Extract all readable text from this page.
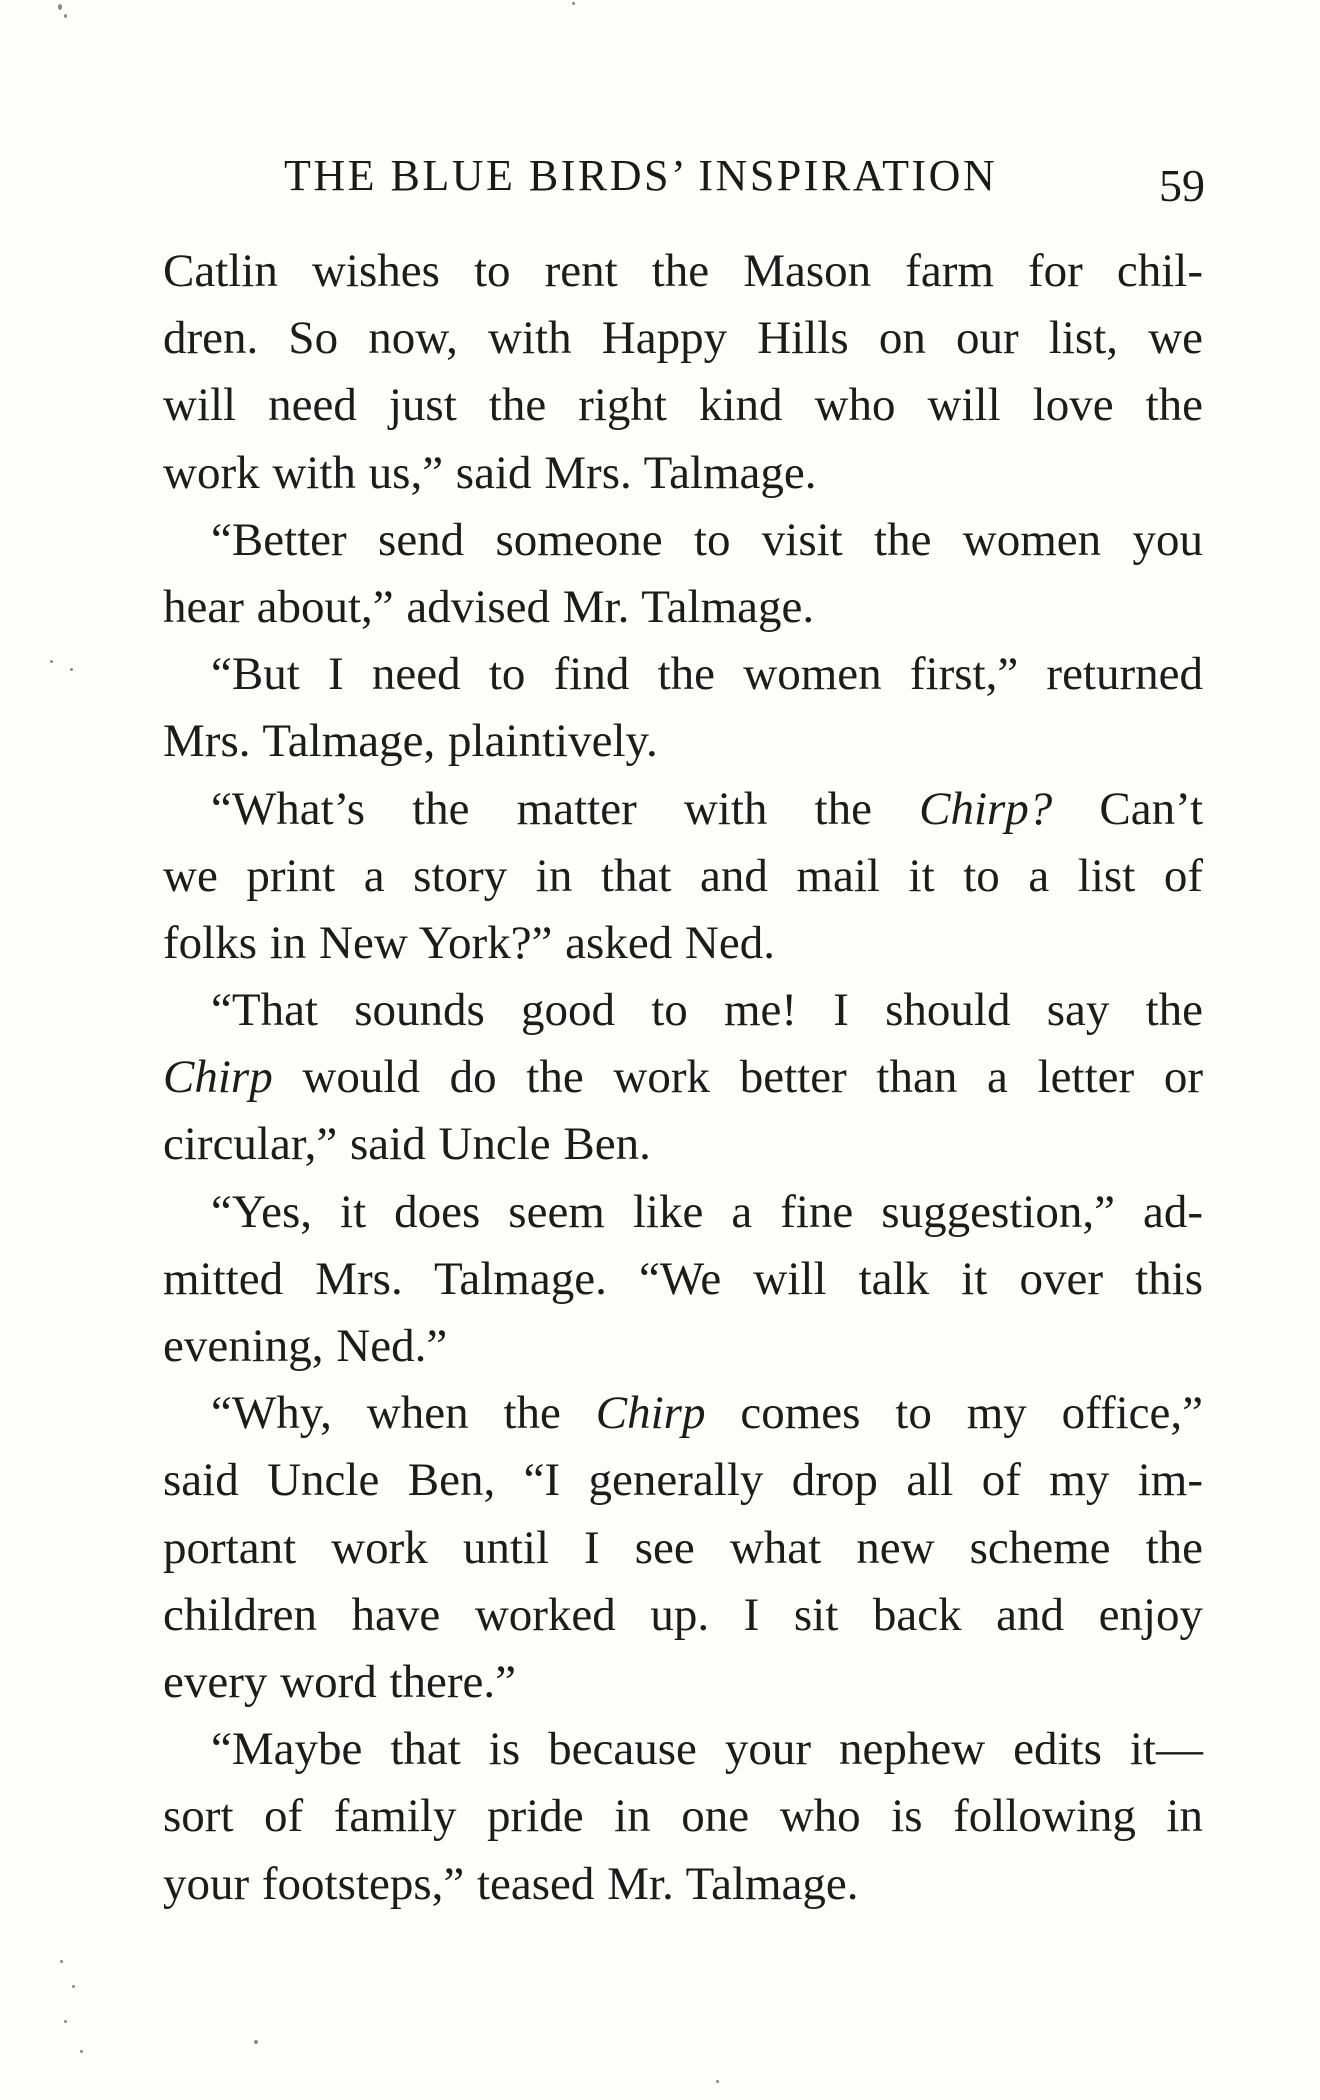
THE BLUE BIRDS’ INSPIRATION	59
Catlin wishes to rent the Mason farm for chil-
dren. So now, with Happy Hills on our list, we
will need just the right kind who will love the
work with us,” said Mrs. Talmage.
“Better send someone to visit the women you
hear about,” advised Mr. Talmage.
“But I need to find the women first,” returned
Mrs. Talmage, plaintively.
“What’s the matter with the Chirp? Can’t
we print a story in that and mail it to a list of
folks in New York?” asked Ned.
“That sounds good to me! I should say the
Chirp would do the work better than a letter or
circular,” said Uncle Ben.
“Yes, it does seem like a fine suggestion,” ad-
mitted Mrs. Talmage. “We will talk it over this
evening, Ned.”
“Why, when the Chirp comes to my office,”
said Uncle Ben, “I generally drop all of my im-
portant work until I see what new scheme the
children have worked up. I sit back and enjoy
every word there.”
“Maybe that is because your nephew edits it—
sort of family pride in one who is following in
your footsteps,” teased Mr. Talmage.
